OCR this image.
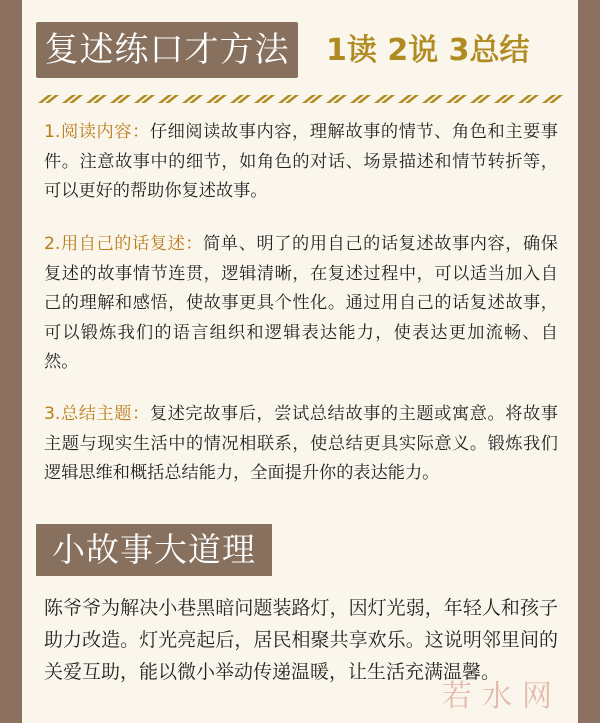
复述练口才方法 1读 2说 3总结
1.阅读内容：仔细阅读故事内容，理解故事的情节、角色和主要事件。注意故事中的细节，如角色的对话、场景描述和情节转折等，可以更好的帮助你复述故事。
2.用自己的话复述：简单、明了的用自己的话复述故事内容，确保复述的故事情节连贯，逻辑清晰，在复述过程中，可以适当加入自己的理解和感悟，使故事更具个性化。通过用自己的话复述故事，可以锻炼我们的语言组织和逻辑表达能力，使表达更加流畅、自然。
3.总结主题：复述完故事后，尝试总结故事的主题或寓意。将故事主题与现实生活中的情况相联系，使总结更具实际意义。锻炼我们逻辑思维和概括总结能力，全面提升你的表达能力。
小故事大道理
陈爷爷为解决小巷黑暗问题装路灯，因灯光弱，年轻人和孩子助力改造。灯光亮起后，居民相聚共享欢乐。这说明邻里间的关爱互助，能以微小举动传递温暖，让生活充满温馨。
若水网
